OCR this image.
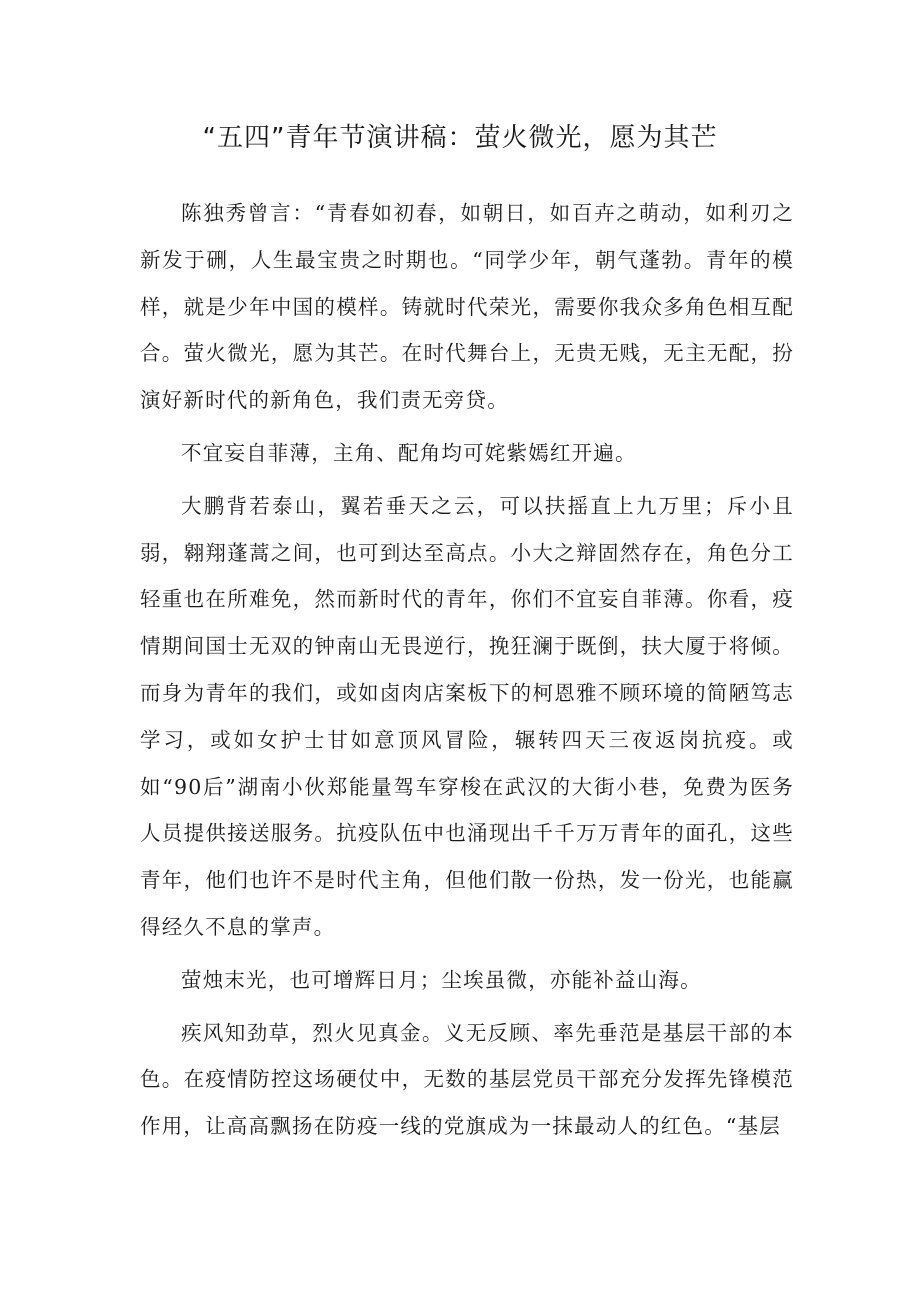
“五四”青年节演讲稿：萤火微光，愿为其芒

陈独秀曾言：“青春如初春，如朝日，如百卉之萌动，如利刃之新发于硎，人生最宝贵之时期也。“同学少年，朝气蓬勃。青年的模样，就是少年中国的模样。铸就时代荣光，需要你我众多角色相互配合。萤火微光，愿为其芒。在时代舞台上，无贵无贱，无主无配，扮演好新时代的新角色，我们责无旁贷。

不宜妄自菲薄，主角、配角均可姹紫嫣红开遍。

大鹏背若泰山，翼若垂天之云，可以扶摇直上九万里；斥小且弱，翱翔蓬蒿之间，也可到达至高点。小大之辩固然存在，角色分工轻重也在所难免，然而新时代的青年，你们不宜妄自菲薄。你看，疫情期间国士无双的钟南山无畏逆行，挽狂澜于既倒，扶大厦于将倾。而身为青年的我们，或如卤肉店案板下的柯恩雅不顾环境的简陋笃志学习，或如女护士甘如意顶风冒险，辗转四天三夜返岗抗疫。或如“90后”湖南小伙郑能量驾车穿梭在武汉的大街小巷，免费为医务人员提供接送服务。抗疫队伍中也涌现出千千万万青年的面孔，这些青年，他们也许不是时代主角，但他们散一份热，发一份光，也能赢得经久不息的掌声。

萤烛末光，也可增辉日月；尘埃虽微，亦能补益山海。

疾风知劲草，烈火见真金。义无反顾、率先垂范是基层干部的本色。在疫情防控这场硬仗中，无数的基层党员干部充分发挥先锋模范作用，让高高飘扬在防疫一线的党旗成为一抹最动人的红色。“基层
